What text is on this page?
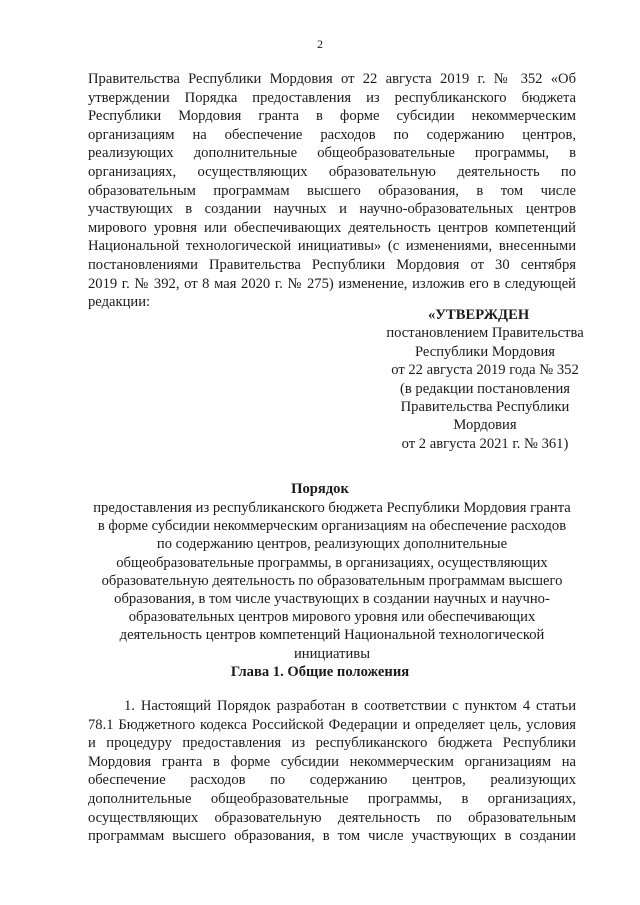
2
Правительства Республики Мордовия от 22 августа 2019 г. № 352 «Об
утверждении Порядка предоставления из республиканского бюджета
Республики Мордовия гранта в форме субсидии некоммерческим
организациям на обеспечение расходов по содержанию центров,
реализующих дополнительные общеобразовательные программы, в
организациях, осуществляющих образовательную деятельность по
образовательным программам высшего образования, в том числе
участвующих в создании научных и научно-образовательных центров
мирового уровня или обеспечивающих деятельность центров компетенций
Национальной технологической инициативы» (с изменениями, внесенными
постановлениями Правительства Республики Мордовия от 30 сентября
2019 г. № 392, от 8 мая 2020 г. № 275) изменение, изложив его в следующей
редакции:
«УТВЕРЖДЕН
постановлением Правительства
Республики Мордовия
от 22 августа 2019 года № 352
(в редакции постановления
Правительства Республики
Мордовия
от 2 августа 2021 г. № 361)
Порядок
предоставления из республиканского бюджета Республики Мордовия гранта
в форме субсидии некоммерческим организациям на обеспечение расходов
по содержанию центров, реализующих дополнительные
общеобразовательные программы, в организациях, осуществляющих
образовательную деятельность по образовательным программам высшего
образования, в том числе участвующих в создании научных и научно-
образовательных центров мирового уровня или обеспечивающих
деятельность центров компетенций Национальной технологической
инициативы
Глава 1. Общие положения
1. Настоящий Порядок разработан в соответствии с пунктом 4 статьи
78.1 Бюджетного кодекса Российской Федерации и определяет цель, условия
и процедуру предоставления из республиканского бюджета Республики
Мордовия гранта в форме субсидии некоммерческим организациям на
обеспечение расходов по содержанию центров, реализующих
дополнительные общеобразовательные программы, в организациях,
осуществляющих образовательную деятельность по образовательным
программам высшего образования, в том числе участвующих в создании
